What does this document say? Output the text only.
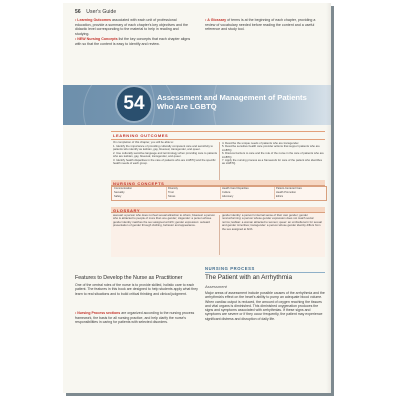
56 User's Guide
•Learning Outcomes associated with each unit of professional education, provide a summary of each chapter's key objectives and the didactic level corresponding to the material to help in reading and studying.
•NEW Nursing Concepts list the key concepts that each chapter aligns with so that the content is easy to identify and review.
•A Glossary of terms is at the beginning of each chapter, providing a review of vocabulary needed before reading the content and a useful reference and study tool.
54	Assessment and Management of Patients Who Are LGBTQ
LEARNING OUTCOMES
On completion of this chapter, you will be able to:
1. Identify the importance of providing culturally competent care and sensitivity to patients who identify as lesbian, gay, bisexual, transgender, and queer.
2. Use culturally sensitive language and terminology when providing care to patients who are lesbian, gay, bisexual, transgender, and queer.
3. Identify health disparities in the care of patients who are LGBTQ and the specific health needs of each group.
4. Describe the unique needs of patients who are transgender.
5. Describe sensitive health care provider actions that support patients who are LGBTQ.
6. Discuss barriers to care and the role of the nurse in the care of patients who are LGBTQ.
7. Apply the nursing process as a framework for care of the patient who identifies as LGBTQ.
NURSING CONCEPTS
Communication	Diversity	Health Care Disparities	Patient-Centered Care
Sexuality	Trust	Culture	Health Promotion
Safety	Stress	Advocacy	Ethics
GLOSSARY
asexual: a person who does not feel sexual attraction to others; bisexual: a person who is attracted to people of more than one gender; cisgender: a person whose gender identity matches the sex assigned at birth; gender expression: outward presentation of gender through clothing, behavior and appearance.
gender identity: a person's internal sense of their own gender; gender nonconforming: a person whose gender expression does not match social norms; lesbian: a woman attracted to women; queer: an umbrella term for sexual and gender minorities; transgender: a person whose gender identity differs from the sex assigned at birth.
Features to Develop the Nurse as Practitioner
One of the central roles of the nurse is to provide skilled, holistic care to each patient. The features in this book are designed to help students apply what they learn to real situations and to build critical thinking and clinical judgment.
•Nursing Process sections are organized according to the nursing process framework, the basis for all nursing practice, and help clarify the nurse's responsibilities in caring for patients with selected disorders.
NURSING PROCESS
The Patient with an Arrhythmia
Assessment
Major areas of assessment include possible causes of the arrhythmia and the arrhythmia's effect on the heart's ability to pump an adequate blood volume. When cardiac output is reduced, the amount of oxygen reaching the tissues and vital organs is diminished. This diminished oxygenation produces the signs and symptoms associated with arrhythmias. If these signs and symptoms are severe or if they occur frequently, the patient may experience significant distress and disruption of daily life.
